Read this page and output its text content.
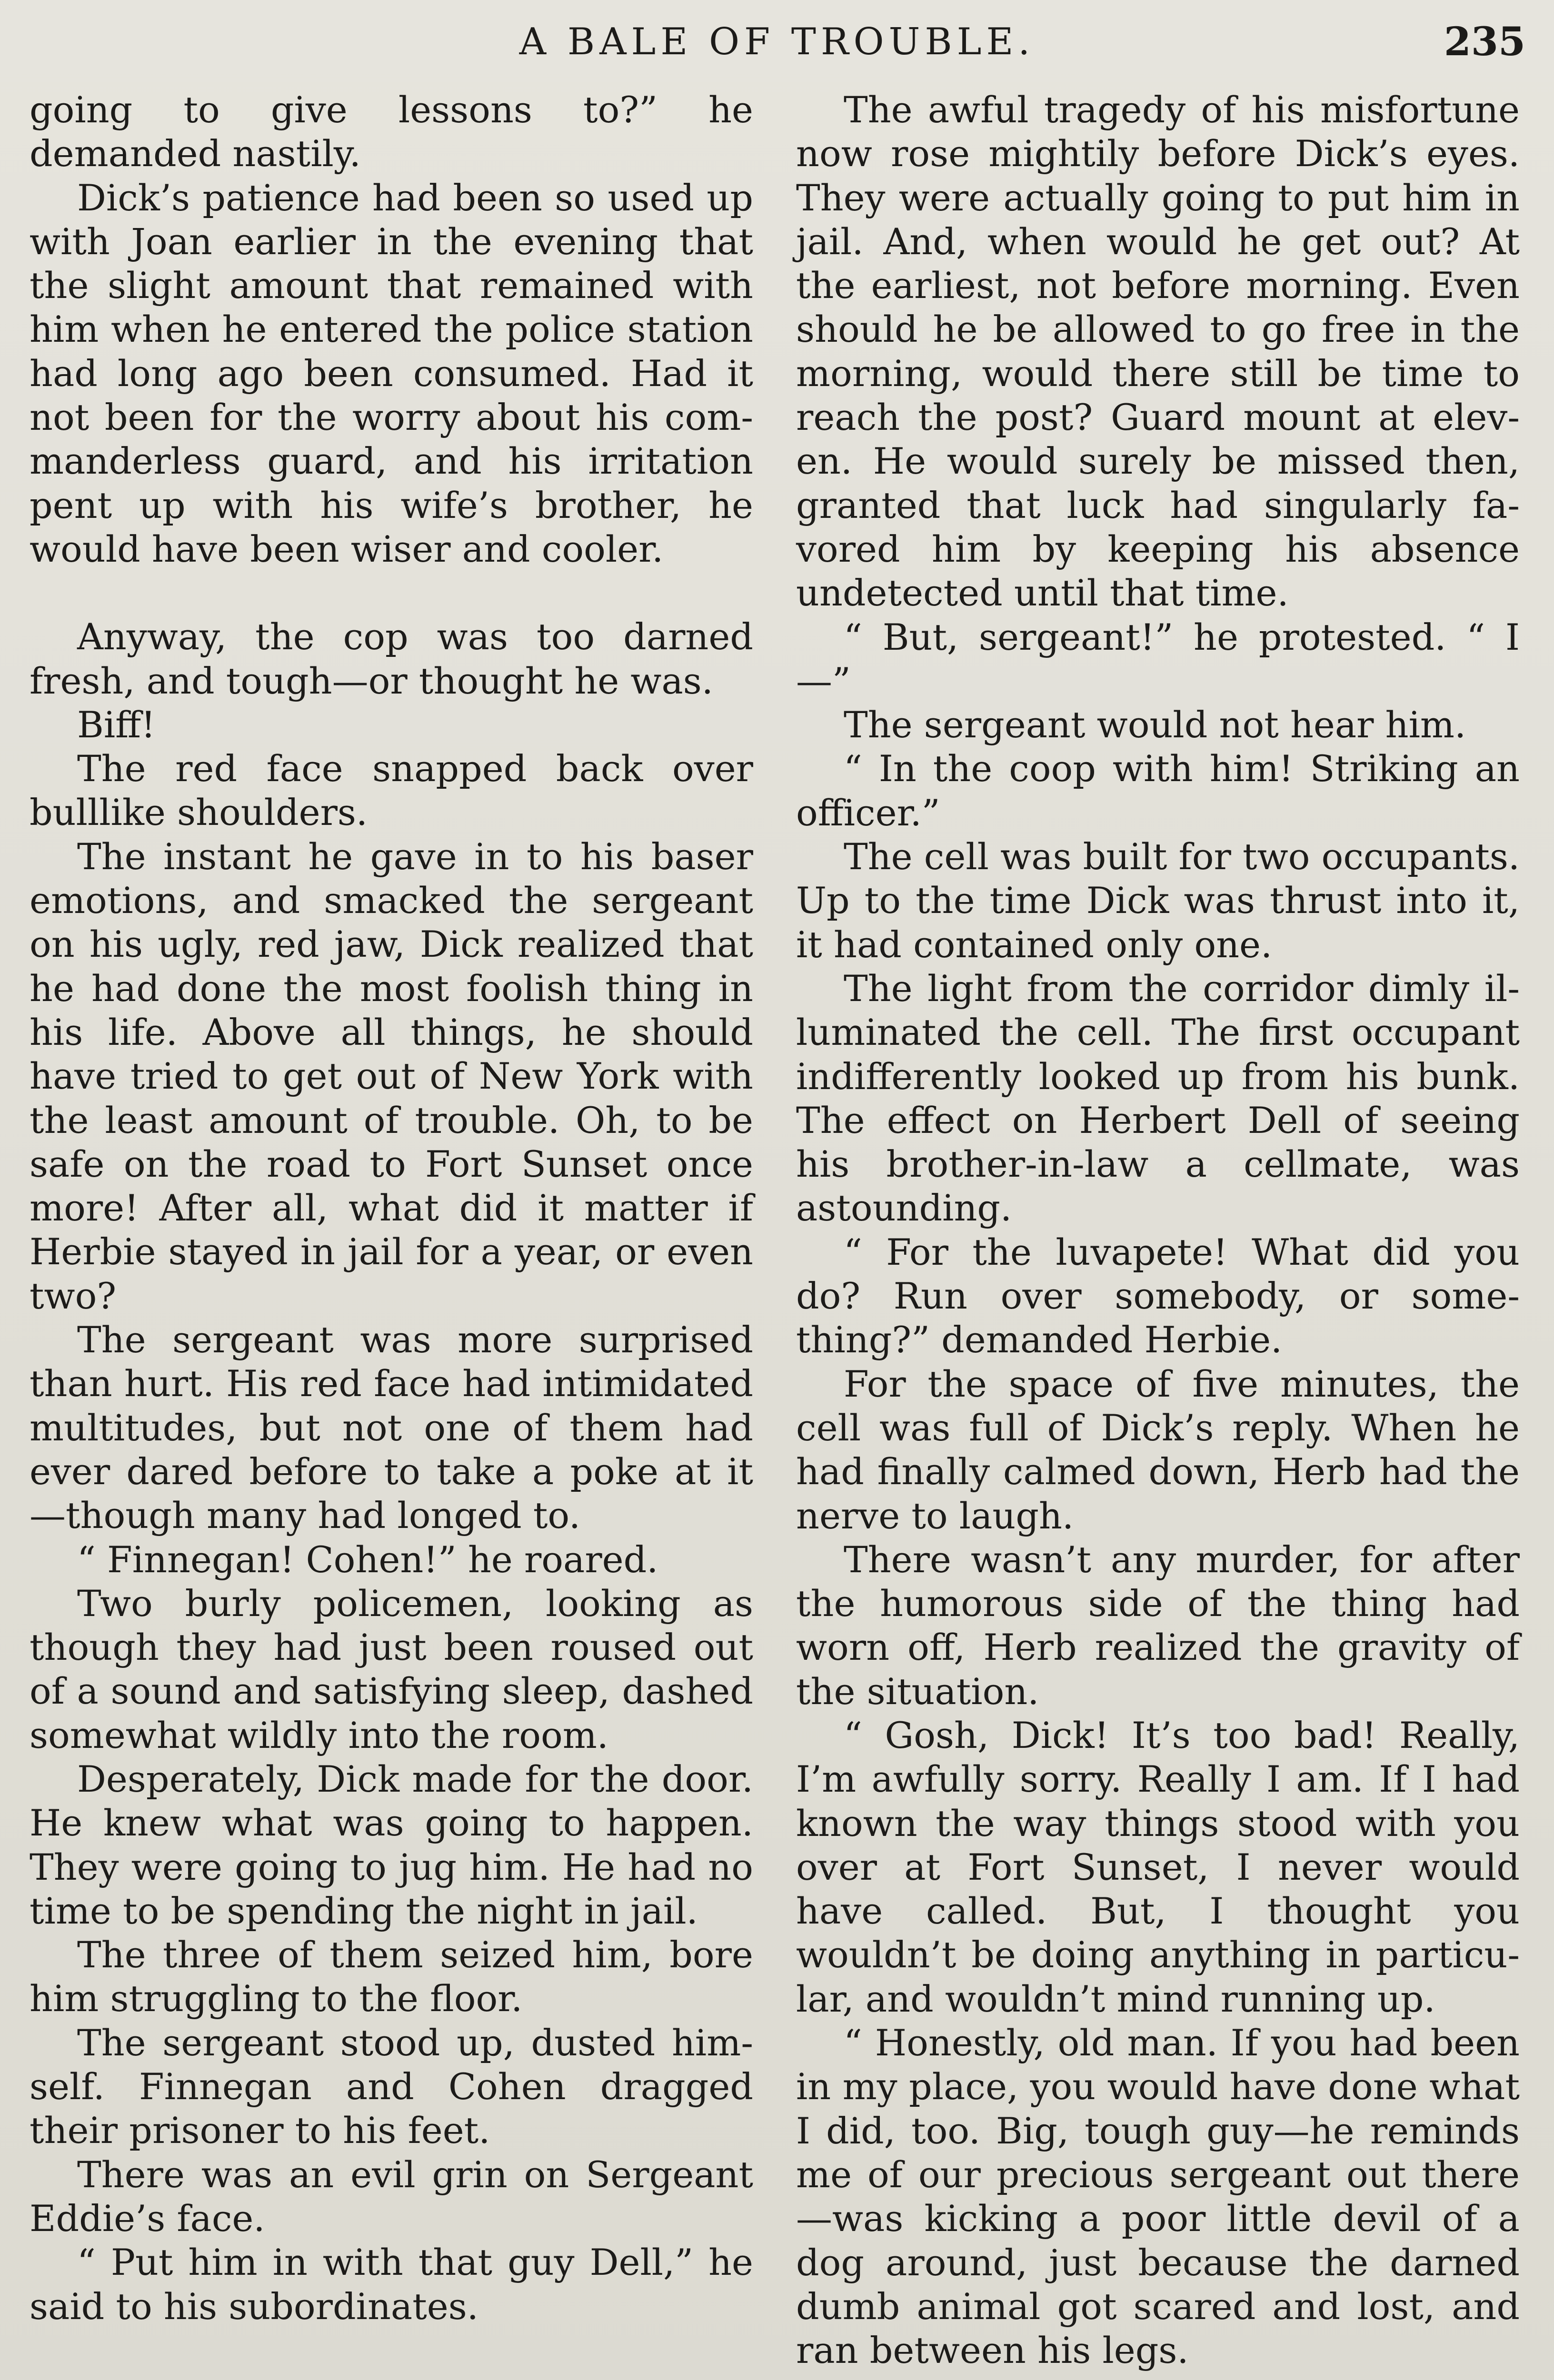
A BALE OF TROUBLE.	235

going to give lessons to?” he demanded nastily.

Dick’s patience had been so used up with Joan earlier in the evening that the slight amount that remained with him when he entered the police station had long ago been consumed. Had it not been for the worry about his commanderless guard, and his irritation pent up with his wife’s brother, he would have been wiser and cooler.

Anyway, the cop was too darned fresh, and tough—or thought he was.

Biff!

The red face snapped back over bulllike shoulders.

The instant he gave in to his baser emotions, and smacked the sergeant on his ugly, red jaw, Dick realized that he had done the most foolish thing in his life. Above all things, he should have tried to get out of New York with the least amount of trouble. Oh, to be safe on the road to Fort Sunset once more! After all, what did it matter if Herbie stayed in jail for a year, or even two?

The sergeant was more surprised than hurt. His red face had intimidated multitudes, but not one of them had ever dared before to take a poke at it —though many had longed to.

“ Finnegan! Cohen!” he roared.

Two burly policemen, looking as though they had just been roused out of a sound and satisfying sleep, dashed somewhat wildly into the room.

Desperately, Dick made for the door. He knew what was going to happen. They were going to jug him. He had no time to be spending the night in jail.

The three of them seized him, bore him struggling to the floor.

The sergeant stood up, dusted himself. Finnegan and Cohen dragged their prisoner to his feet.

There was an evil grin on Sergeant Eddie’s face.

“ Put him in with that guy Dell,” he said to his subordinates.

The awful tragedy of his misfortune now rose mightily before Dick’s eyes. They were actually going to put him in jail. And, when would he get out? At the earliest, not before morning. Even should he be allowed to go free in the morning, would there still be time to reach the post? Guard mount at eleven. He would surely be missed then, granted that luck had singularly favored him by keeping his absence undetected until that time.

“ But, sergeant!” he protested. “ I—”

The sergeant would not hear him.

“ In the coop with him! Striking an officer.”

The cell was built for two occupants. Up to the time Dick was thrust into it, it had contained only one.

The light from the corridor dimly illuminated the cell. The first occupant indifferently looked up from his bunk. The effect on Herbert Dell of seeing his brother-in-law a cellmate, was astounding.

“ For the luvapete! What did you do? Run over somebody, or something?” demanded Herbie.

For the space of five minutes, the cell was full of Dick’s reply. When he had finally calmed down, Herb had the nerve to laugh.

There wasn’t any murder, for after the humorous side of the thing had worn off, Herb realized the gravity of the situation.

“ Gosh, Dick! It’s too bad! Really, I’m awfully sorry. Really I am. If I had known the way things stood with you over at Fort Sunset, I never would have called. But, I thought you wouldn’t be doing anything in particular, and wouldn’t mind running up.

“ Honestly, old man. If you had been in my place, you would have done what I did, too. Big, tough guy—he reminds me of our precious sergeant out there—was kicking a poor little devil of a dog around, just because the darned dumb animal got scared and lost, and ran between his legs.
